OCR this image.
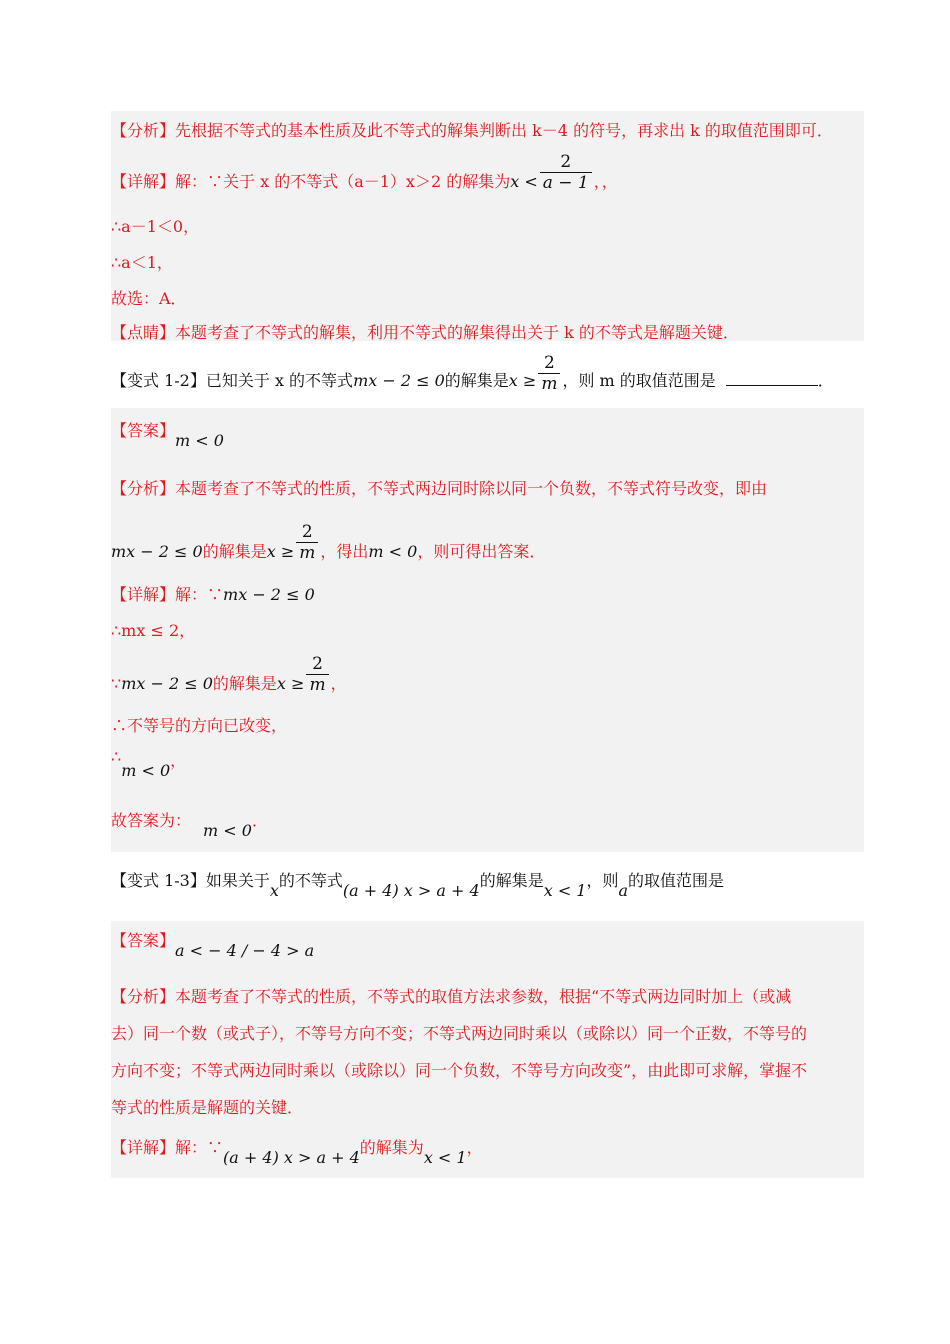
【分析】先根据不等式的基本性质及此不等式的解集判断出 k－4 的符号，再求出 k 的取值范围即可．
【详解】解：∵关于 x 的不等式（a－1）x＞2 的解集为$x < \frac{2}{a - 1}$ ，，
∴a－1＜0，
∴a＜1，
故选：A．
【点睛】本题考查了不等式的解集，利用不等式的解集得出关于 k 的不等式是解题关键．
【变式 1-2】已知关于 x 的不等式mx − 2 ≤ 0的解集是$x \ge \frac{2}{m}$ ，则 m 的取值范围是	．
【答案】m < 0
【分析】本题考查了不等式的性质，不等式两边同时除以同一个负数，不等式符号改变，即由
mx − 2 ≤ 0的解集是$x \ge \frac{2}{m}$ ，得出m < 0，则可得出答案．
【详解】解：∵mx − 2 ≤ 0
∴mx ≤ 2，
∵mx − 2 ≤ 0的解集是$x \ge \frac{2}{m}$ ，
∴不等号的方向已改变，
∴m < 0，
故答案为：m < 0．
【变式 1-3】如果关于x的不等式(a + 4) x > a + 4的解集是x < 1，则a的取值范围是
【答案】a < − 4 / − 4 > a
【分析】本题考查了不等式的性质，不等式的取值方法求参数，根据“不等式两边同时加上（或减
去）同一个数（或式子），不等号方向不变；不等式两边同时乘以（或除以）同一个正数，不等号的
方向不变；不等式两边同时乘以（或除以）同一个负数，不等号方向改变”，由此即可求解，掌握不
等式的性质是解题的关键．
【详解】解：∵(a + 4) x > a + 4的解集为x < 1，
